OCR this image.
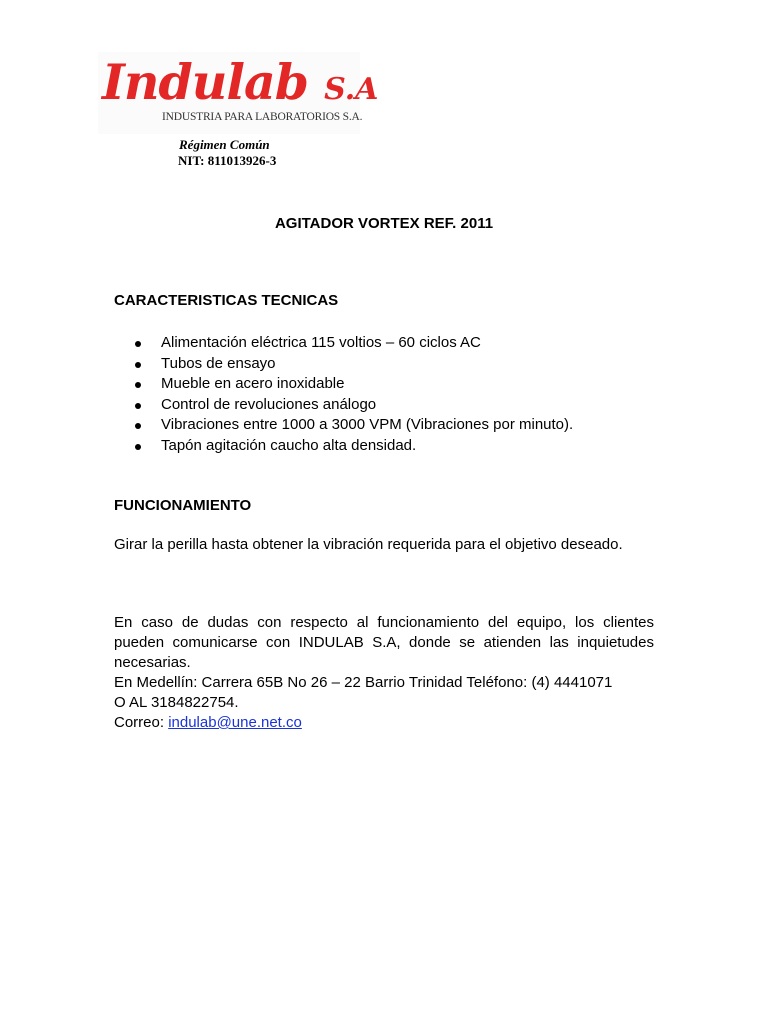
Indulab S.A
INDUSTRIA PARA LABORATORIOS S.A.
Régimen Común
NIT: 811013926-3
AGITADOR VORTEX REF. 2011
CARACTERISTICAS TECNICAS
Alimentación eléctrica 115 voltios – 60 ciclos AC
Tubos de ensayo
Mueble en acero inoxidable
Control de revoluciones análogo
Vibraciones entre 1000 a 3000 VPM (Vibraciones por minuto).
Tapón agitación caucho alta densidad.
FUNCIONAMIENTO
Girar la perilla hasta obtener la vibración requerida para el objetivo deseado.
En caso de dudas con respecto al funcionamiento del equipo, los clientes pueden comunicarse con INDULAB S.A, donde se atienden las inquietudes necesarias.
En Medellín: Carrera 65B No 26 – 22 Barrio Trinidad Teléfono: (4) 4441071
O AL 3184822754.
Correo: indulab@une.net.co
